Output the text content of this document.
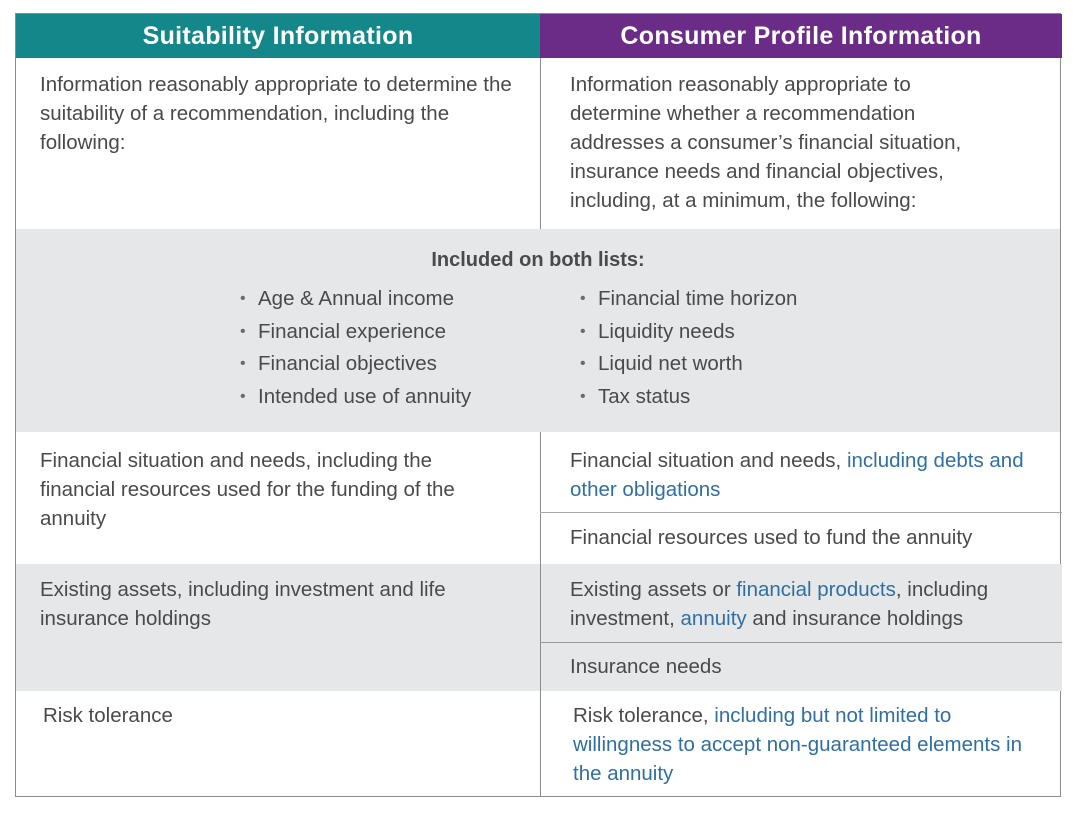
Suitability Information	Consumer Profile Information
Information reasonably appropriate to determine the suitability of a recommendation, including the following:
Information reasonably appropriate to determine whether a recommendation addresses a consumer’s financial situation, insurance needs and financial objectives, including, at a minimum, the following:
Included on both lists:
• Age & Annual income
• Financial experience
• Financial objectives
• Intended use of annuity
• Financial time horizon
• Liquidity needs
• Liquid net worth
• Tax status
Financial situation and needs, including the financial resources used for the funding of the annuity
Financial situation and needs, including debts and other obligations
Financial resources used to fund the annuity
Existing assets, including investment and life insurance holdings
Existing assets or financial products, including investment, annuity and insurance holdings
Insurance needs
Risk tolerance	Risk tolerance, including but not limited to willingness to accept non-guaranteed elements in the annuity
